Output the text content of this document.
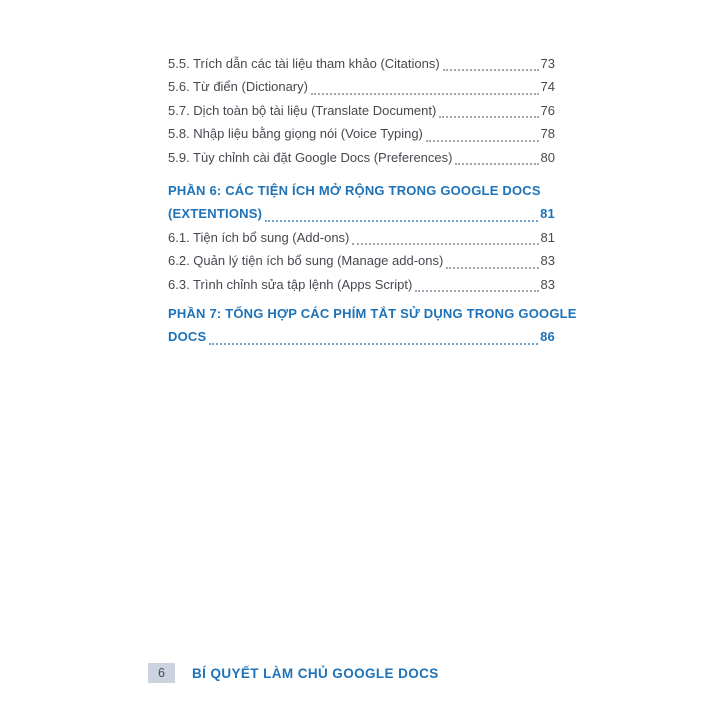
5.5. Trích dẫn các tài liệu tham khảo (Citations)	73
5.6. Từ điển (Dictionary)	74
5.7. Dịch toàn bộ tài liệu (Translate Document)	76
5.8. Nhập liệu bằng giọng nói (Voice Typing)	78
5.9. Tùy chỉnh cài đặt Google Docs (Preferences)	80
PHẦN 6: CÁC TIỆN ÍCH MỞ RỘNG TRONG GOOGLE DOCS
(EXTENTIONS)	81
6.1. Tiện ích bổ sung (Add-ons)	81
6.2. Quản lý tiện ích bổ sung (Manage add-ons)	83
6.3. Trình chỉnh sửa tập lệnh (Apps Script)	83
PHẦN 7: TỔNG HỢP CÁC PHÍM TẮT SỬ DỤNG TRONG GOOGLE
DOCS	86
6	BÍ QUYẾT LÀM CHỦ GOOGLE DOCS
